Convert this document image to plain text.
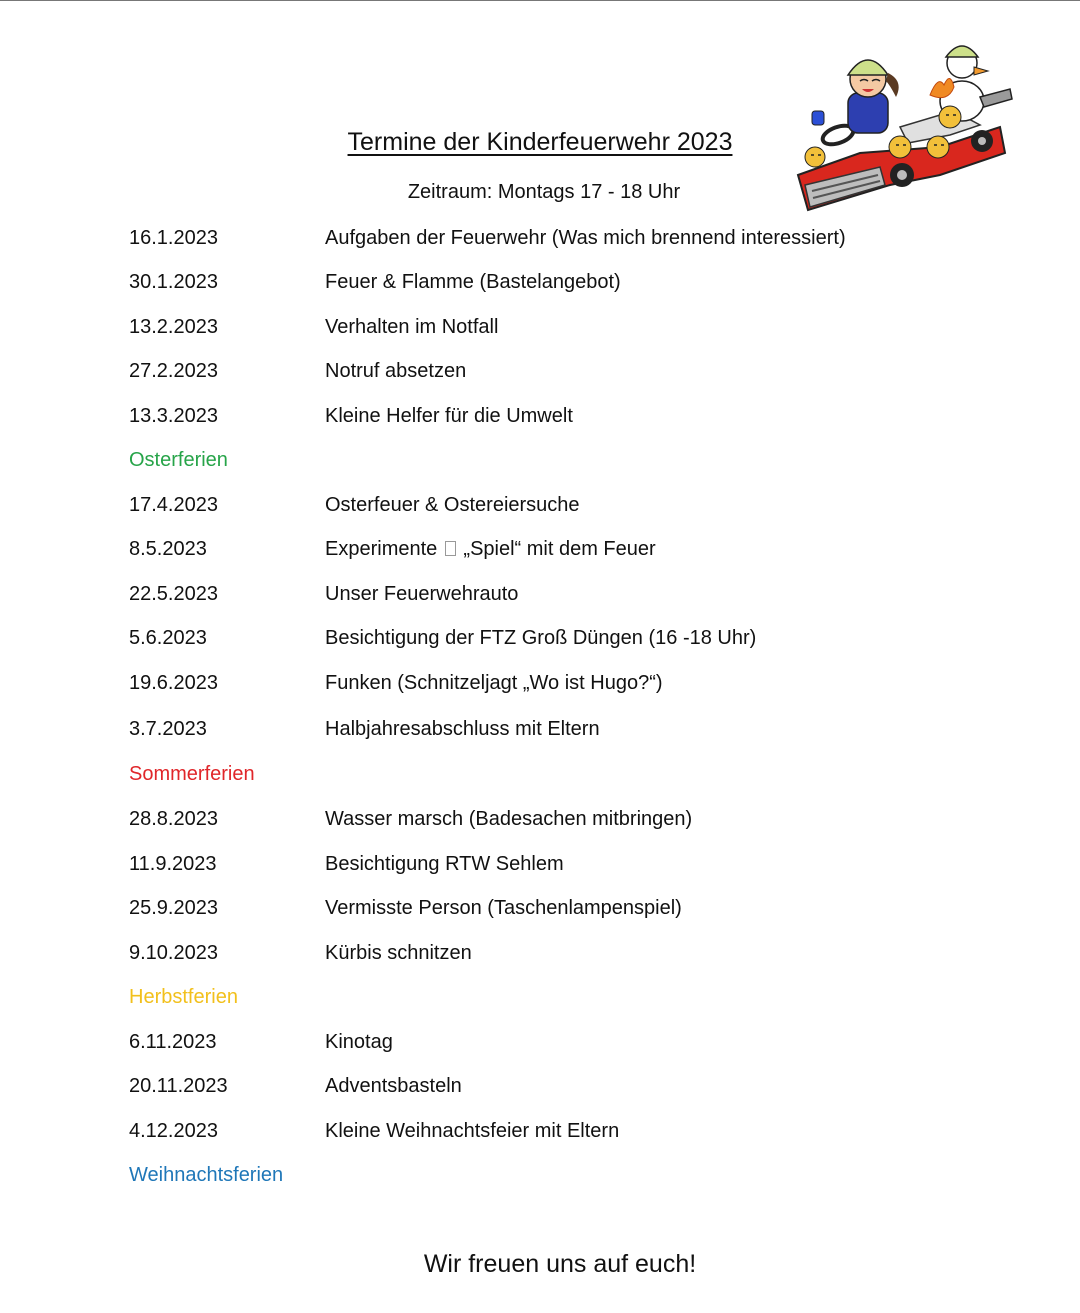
Termine der Kinderfeuerwehr 2023
Zeitraum: Montags 17 - 18 Uhr
16.1.2023	Aufgaben der Feuerwehr (Was mich brennend interessiert)
30.1.2023	Feuer & Flamme (Bastelangebot)
13.2.2023	Verhalten im Notfall
27.2.2023	Notruf absetzen
13.3.2023	Kleine Helfer für die Umwelt
Osterferien
17.4.2023	Osterfeuer & Ostereiersuche
8.5.2023	Experimente „Spiel“ mit dem Feuer
22.5.2023	Unser Feuerwehrauto
5.6.2023	Besichtigung der FTZ Groß Düngen (16 -18 Uhr)
19.6.2023	Funken (Schnitzeljagt „Wo ist Hugo?“)
3.7.2023	Halbjahresabschluss mit Eltern
Sommerferien
28.8.2023	Wasser marsch (Badesachen mitbringen)
11.9.2023	Besichtigung RTW Sehlem
25.9.2023	Vermisste Person (Taschenlampenspiel)
9.10.2023	Kürbis schnitzen
Herbstferien
6.11.2023	Kinotag
20.11.2023	Adventsbasteln
4.12.2023	Kleine Weihnachtsfeier mit Eltern
Weihnachtsferien
Wir freuen uns auf euch!
